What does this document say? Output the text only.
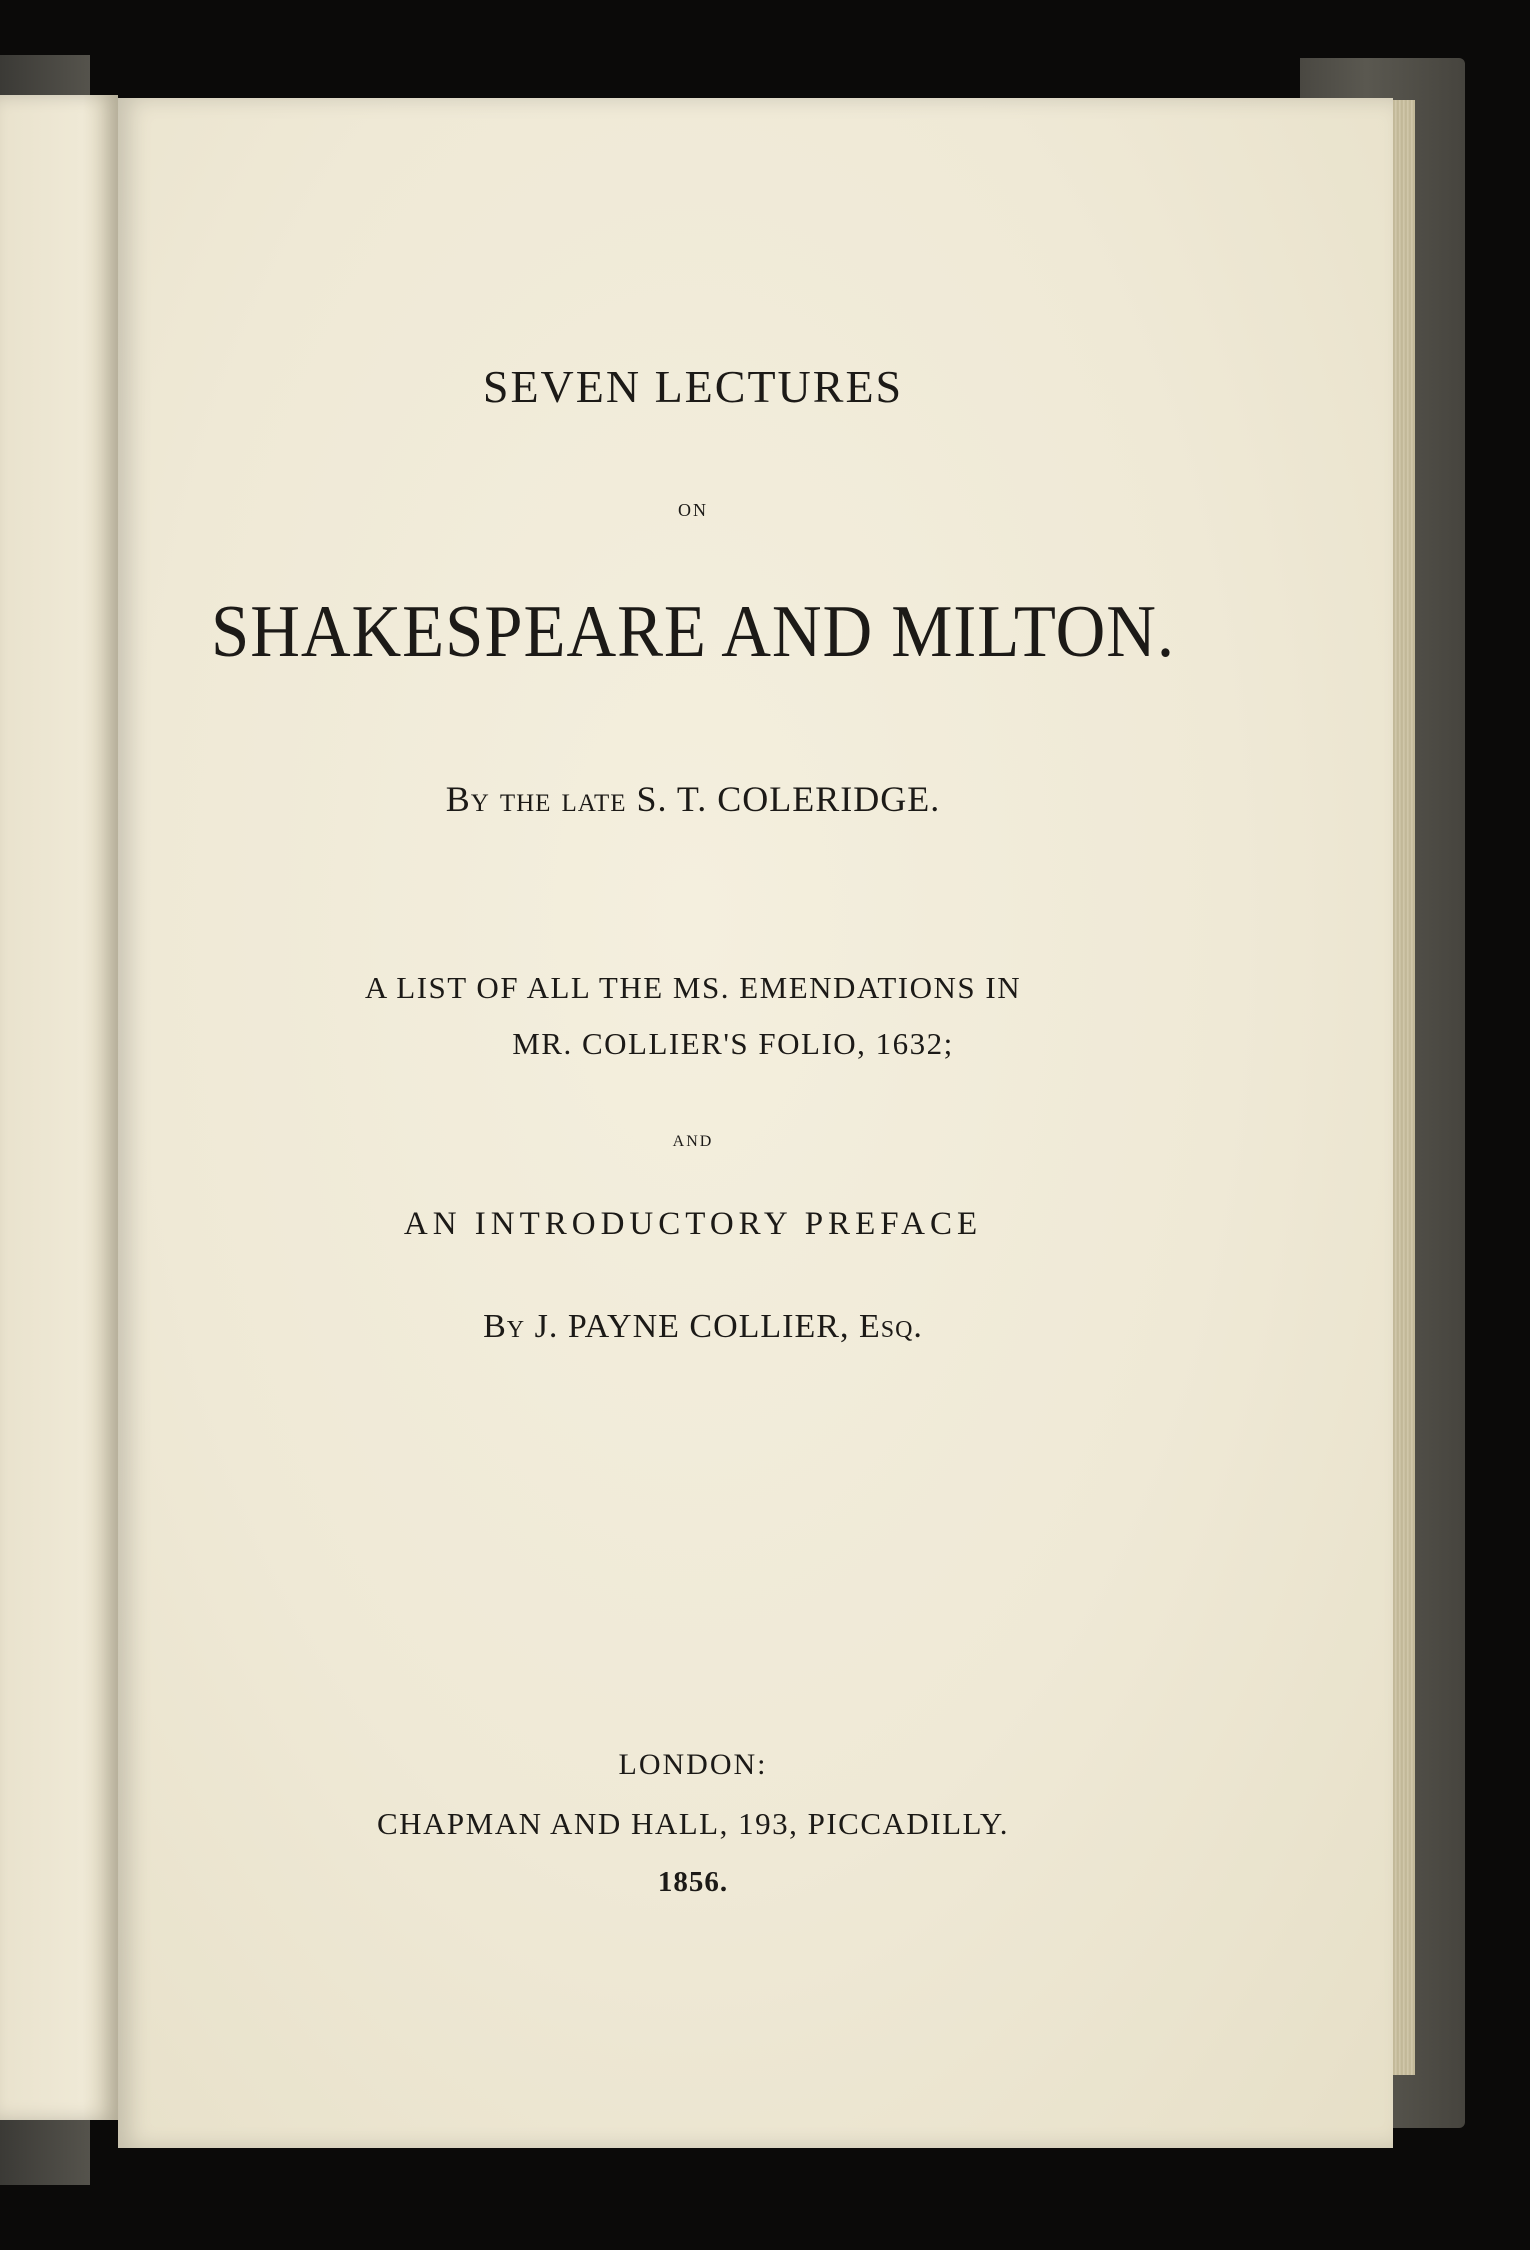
SEVEN LECTURES
ON
SHAKESPEARE AND MILTON.
By the late S. T. COLERIDGE.
A LIST OF ALL THE MS. EMENDATIONS IN
MR. COLLIER'S FOLIO, 1632;
AND
AN INTRODUCTORY PREFACE
By J. PAYNE COLLIER, Esq.
LONDON:
CHAPMAN AND HALL, 193, PICCADILLY.
1856.
